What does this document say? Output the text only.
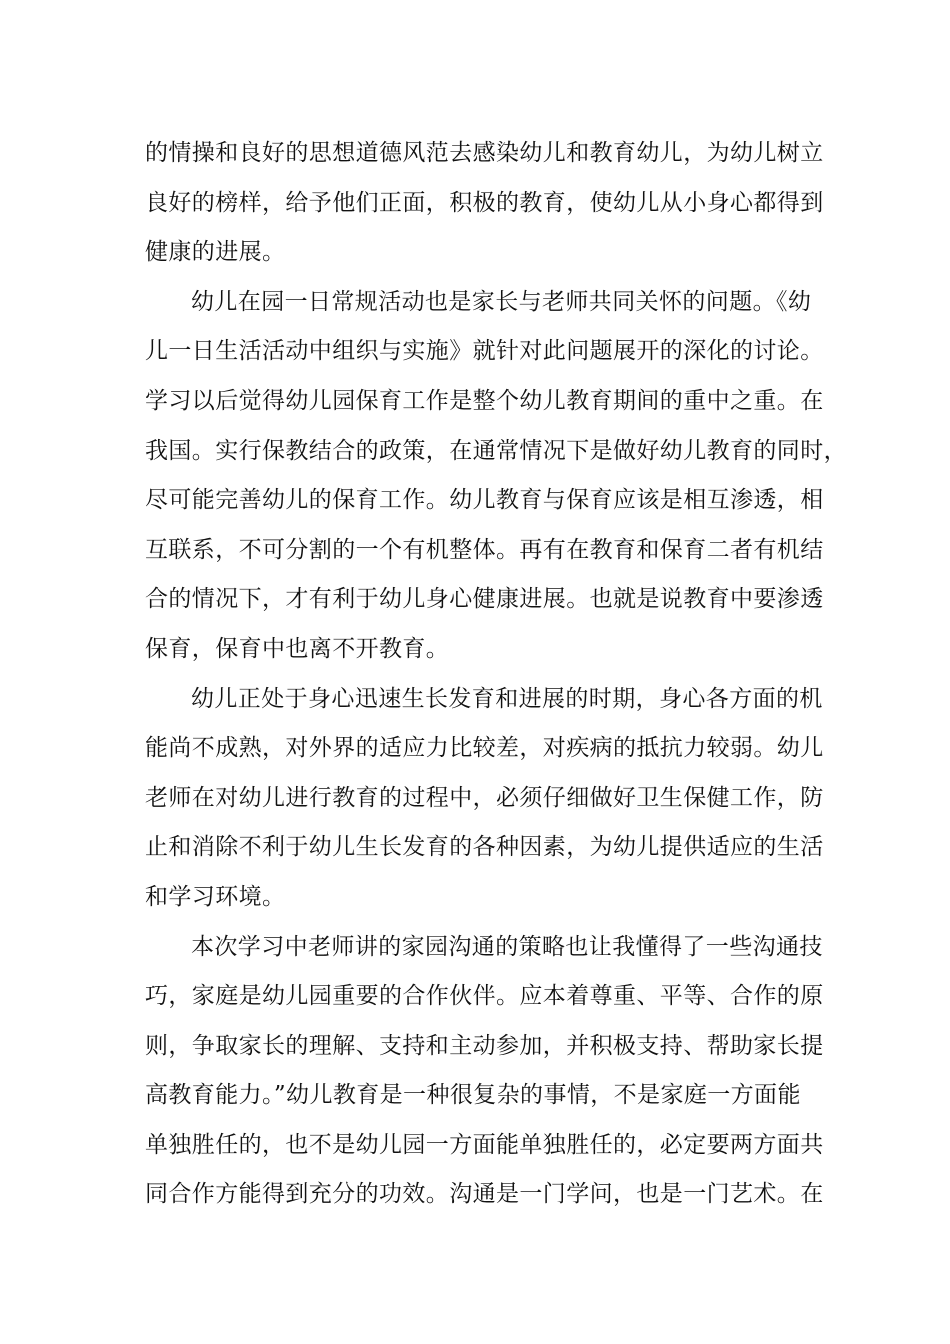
的情操和良好的思想道德风范去感染幼儿和教育幼儿，为幼儿树立
良好的榜样，给予他们正面，积极的教育，使幼儿从小身心都得到
健康的进展。
幼儿在园一日常规活动也是家长与老师共同关怀的问题。《幼
儿一日生活活动中组织与实施》就针对此问题展开的深化的讨论。
学习以后觉得幼儿园保育工作是整个幼儿教育期间的重中之重。在
我国。实行保教结合的政策，在通常情况下是做好幼儿教育的同时，
尽可能完善幼儿的保育工作。幼儿教育与保育应该是相互渗透，相
互联系，不可分割的一个有机整体。再有在教育和保育二者有机结
合的情况下，才有利于幼儿身心健康进展。也就是说教育中要渗透
保育，保育中也离不开教育。
幼儿正处于身心迅速生长发育和进展的时期，身心各方面的机
能尚不成熟，对外界的适应力比较差，对疾病的抵抗力较弱。幼儿
老师在对幼儿进行教育的过程中，必须仔细做好卫生保健工作，防
止和消除不利于幼儿生长发育的各种因素，为幼儿提供适应的生活
和学习环境。
本次学习中老师讲的家园沟通的策略也让我懂得了一些沟通技
巧，家庭是幼儿园重要的合作伙伴。应本着尊重、平等、合作的原
则，争取家长的理解、支持和主动参加，并积极支持、帮助家长提
高教育能力。”幼儿教育是一种很复杂的事情，不是家庭一方面能
单独胜任的，也不是幼儿园一方面能单独胜任的，必定要两方面共
同合作方能得到充分的功效。沟通是一门学问，也是一门艺术。在
